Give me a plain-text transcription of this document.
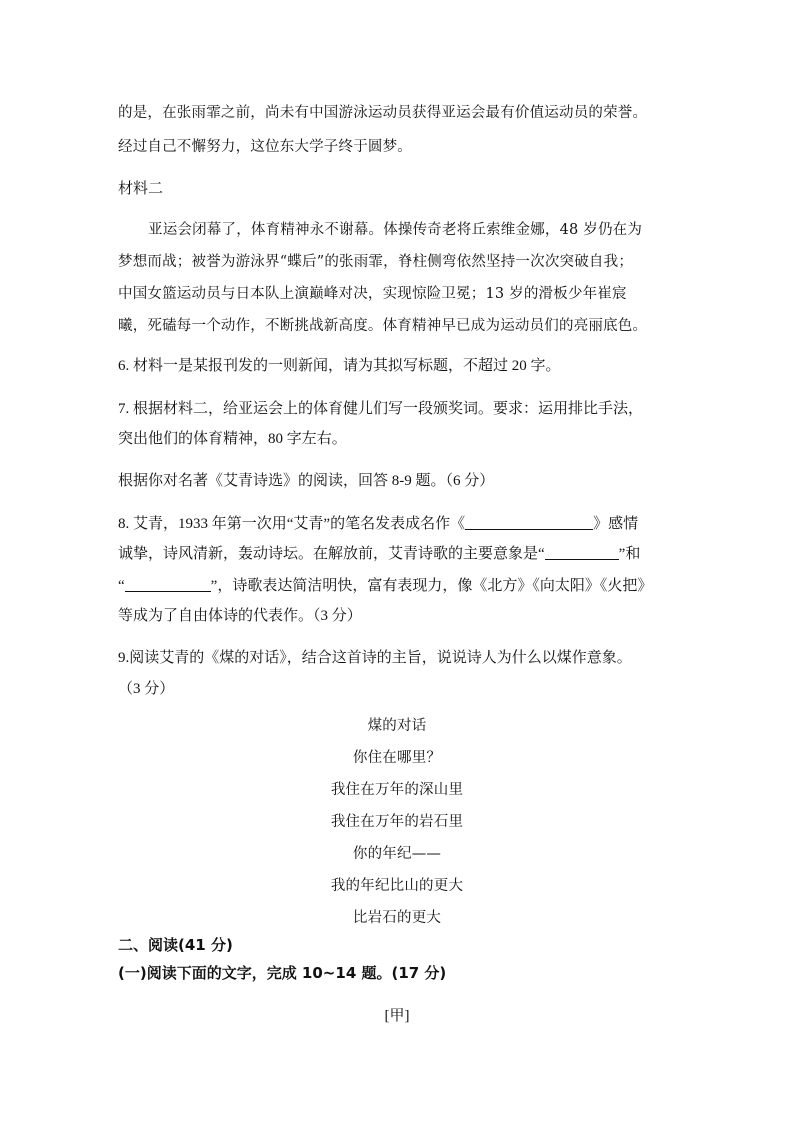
的是，在张雨霏之前，尚未有中国游泳运动员获得亚运会最有价值运动员的荣誉。
经过自己不懈努力，这位东大学子终于圆梦。
材料二
亚运会闭幕了，体育精神永不谢幕。体操传奇老将丘索维金娜，48 岁仍在为
梦想而战；被誉为游泳界“蝶后”的张雨霏，脊柱侧弯依然坚持一次次突破自我；
中国女篮运动员与日本队上演巅峰对决，实现惊险卫冕；13 岁的滑板少年崔宸
曦，死磕每一个动作，不断挑战新高度。体育精神早已成为运动员们的亮丽底色。
6. 材料一是某报刊发的一则新闻，请为其拟写标题，不超过 20 字。
7. 根据材料二，给亚运会上的体育健儿们写一段颁奖词。要求：运用排比手法，
突出他们的体育精神，80 字左右。
根据你对名著《艾青诗选》的阅读，回答 8-9 题。（6 分）
8. 艾青，1933 年第一次用“艾青”的笔名发表成名作《	》感情
诚挚，诗风清新，轰动诗坛。在解放前，艾青诗歌的主要意象是“	”和
“	”，诗歌表达简洁明快，富有表现力，像《北方》《向太阳》《火把》
等成为了自由体诗的代表作。（3 分）
9.阅读艾青的《煤的对话》，结合这首诗的主旨，说说诗人为什么以煤作意象。
（3 分）
煤的对话
你住在哪里？
我住在万年的深山里
我住在万年的岩石里
你的年纪——
我的年纪比山的更大
比岩石的更大
二、阅读(41 分)
(一)阅读下面的文字，完成 10~14 题。(17 分)
[甲]
